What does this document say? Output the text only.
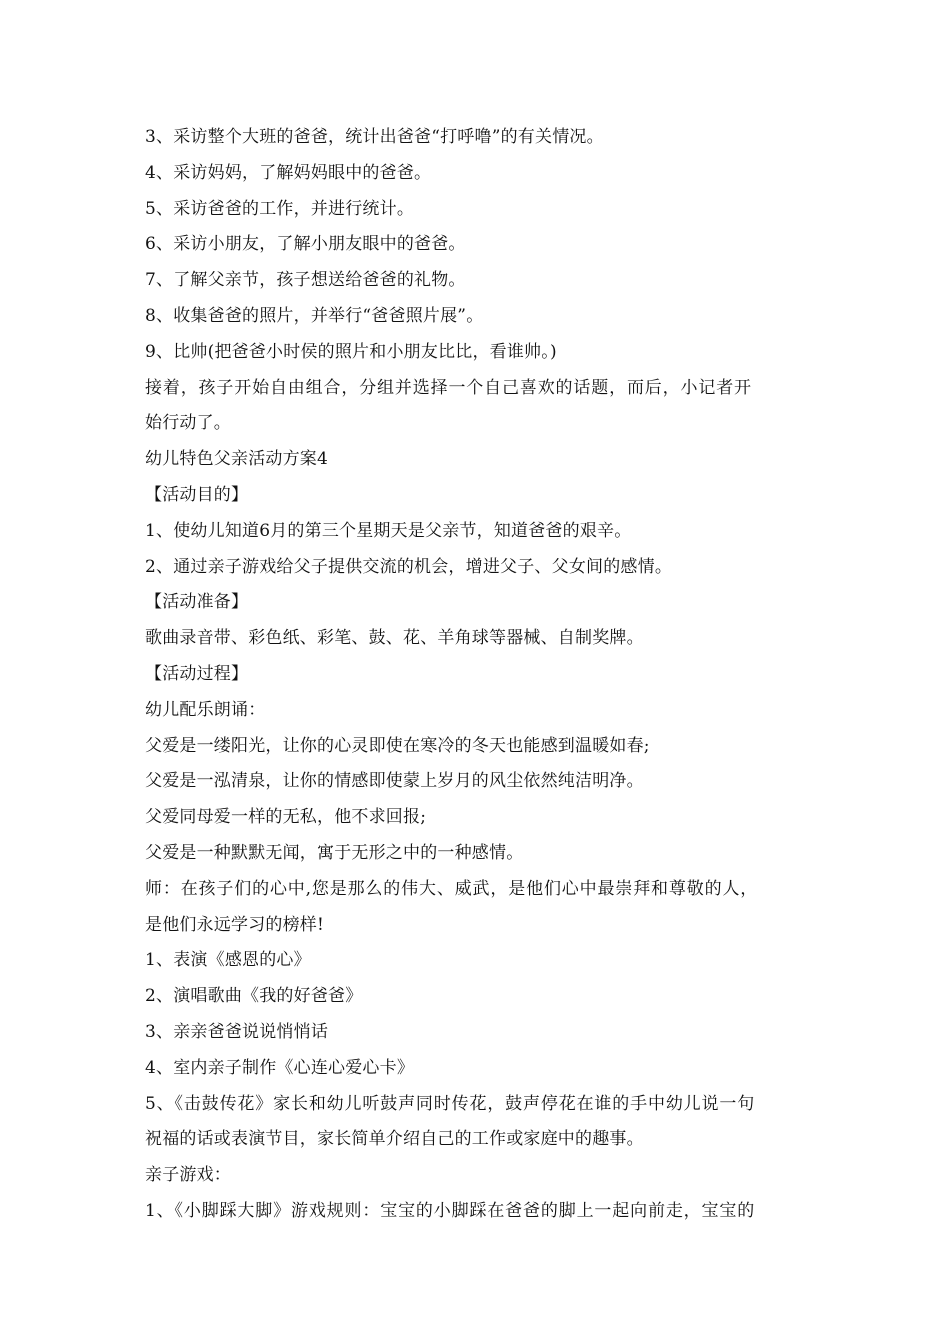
3、采访整个大班的爸爸，统计出爸爸“打呼噜”的有关情况。
4、采访妈妈，了解妈妈眼中的爸爸。
5、采访爸爸的工作，并进行统计。
6、采访小朋友，了解小朋友眼中的爸爸。
7、了解父亲节，孩子想送给爸爸的礼物。
8、收集爸爸的照片，并举行“爸爸照片展”。
9、比帅(把爸爸小时侯的照片和小朋友比比，看谁帅。)
接着，孩子开始自由组合，分组并选择一个自己喜欢的话题，而后，小记者开
始行动了。
幼儿特色父亲活动方案4
【活动目的】
1、使幼儿知道6月的第三个星期天是父亲节，知道爸爸的艰辛。
2、通过亲子游戏给父子提供交流的机会，增进父子、父女间的感情。
【活动准备】
歌曲录音带、彩色纸、彩笔、鼓、花、羊角球等器械、自制奖牌。
【活动过程】
幼儿配乐朗诵：
父爱是一缕阳光，让你的心灵即使在寒冷的冬天也能感到温暖如春;
父爱是一泓清泉，让你的情感即使蒙上岁月的风尘依然纯洁明净。
父爱同母爱一样的无私，他不求回报;
父爱是一种默默无闻，寓于无形之中的一种感情。
师：在孩子们的心中,您是那么的伟大、威武，是他们心中最崇拜和尊敬的人，
是他们永远学习的榜样!
1、表演《感恩的心》
2、演唱歌曲《我的好爸爸》
3、亲亲爸爸说说悄悄话
4、室内亲子制作《心连心爱心卡》
5、《击鼓传花》家长和幼儿听鼓声同时传花，鼓声停花在谁的手中幼儿说一句
祝福的话或表演节目，家长简单介绍自己的工作或家庭中的趣事。
亲子游戏：
1、《小脚踩大脚》游戏规则：宝宝的小脚踩在爸爸的脚上一起向前走，宝宝的
